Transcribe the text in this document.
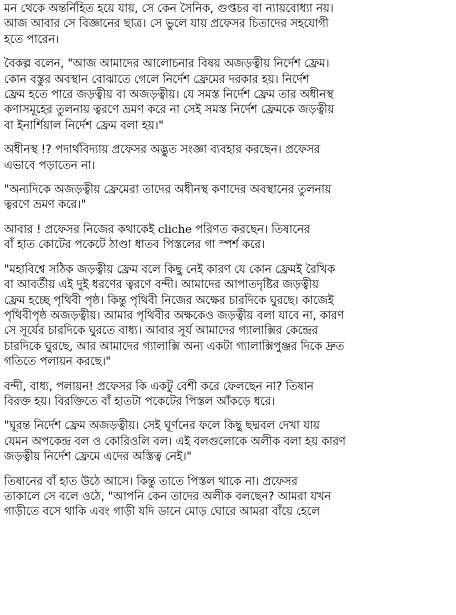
মন থেকে অন্তর্নিহিত হয়ে যায়, সে কেন সৈনিক, গুপ্তচর বা ন্যায়বোধ্যা নয়।
আজ আবার সে বিজ্ঞানের ছাত্র। সে ভুলে যায় প্রফেসর চিতাদের সহযোগী
হতে পারেন।

বৈকল্প বলেন, "আজ আমাদের আলোচনার বিষয় অজড়ত্বীয় নির্দেশ ফ্রেম।
কোন বস্তুর অবস্থান বোঝাতে গেলে নির্দেশ ফ্রেমের দরকার হয়। নির্দেশ
ফ্রেম হতে পারে জড়ত্বীয় বা অজড়ত্বীয়। যে সমস্ত নির্দেশ ফ্রেম তার অধীনস্থ
কণাসমূহের তুলনায় ত্বরণে ভ্রমণ করে না সেই সমস্ত নির্দেশ ফ্রেমকে জড়ত্বীয়
বা ইনার্শিয়াল নির্দেশ ফ্রেম বলা হয়।"

অধীনস্থ !? পদার্থবিদ্যায় প্রফেসর অদ্ভুত সংজ্ঞা ব্যবহার করছেন। প্রফেসর
এভাবে পড়াতেন না।

"অন্যদিকে অজড়ত্বীয় ফ্রেমেরা তাদের অধীনস্থ কণাদের অবস্থানের তুলনায়
ত্বরণে ভ্রমণ করে।"

আবার ! প্রফেসর নিজের কথাকেই cliche পরিণত করছেন। তিষানের
বাঁ হাত কোটের পকেটে ঠাণ্ডা ধাতব পিস্তলের গা স্পর্শ করে।

"মহাবিশ্বে সঠিক জড়ত্বীয় ফ্রেম বলে কিছু নেই কারণ যে কোন ফ্রেমই রৈখিক
বা আবর্তীয় এই দুই ধরণের ত্বরণে বন্দী। আমাদের আপাতদৃষ্টির জড়ত্বীয়
ফ্রেম হচ্ছে পৃথিবী পৃষ্ঠ। কিন্তু পৃথিবী নিজের অক্ষের চারদিকে ঘুরছে। কাজেই
পৃথিবীপৃষ্ঠ অজড়ত্বীয়। আমার পৃথিবীর অক্ষকেও জড়ত্বীয় বলা যাবে না, কারণ
সে সূর্যের চারদিকে ঘুরতে বাধ্য। আবার সূর্য আমাদের গ্যালাক্সির কেন্দ্রের
চারদিকে ঘুরছে, আর আমাদের গ্যালাক্সি অন্য একটা গ্যালাক্সিপুঞ্জর দিকে দ্রুত
গতিতে পলায়ন করছে।"

বন্দী, বাধ্য, পলায়ন! প্রফেসর কি একটু বেশী করে ফেলছেন না? তিষান
বিরক্ত হয়। বিরক্তিতে বাঁ হাতটা পকেটের পিস্তল আঁকড়ে ধরে।

"ঘূরন্ত নির্দেশ ফ্রেম অজড়ত্বীয়। সেই ঘূর্ণনের ফলে কিছু ছদ্মবল দেখা যায়
যেমন অপকেন্দ্র বল ও কোরিওলি বল। এই বলগুলোকে অলীক বলা হয় কারণ
জড়ত্বীয় নির্দেশ ফ্রেমে এদের অস্তিত্ব নেই।"

তিষানের বাঁ হাত উঠে আসে। কিন্তু তাতে পিস্তল থাকে না। প্রফেসর
তাকালে সে বলে ওঠে, "আপনি কেন তাদের অলীক বলছেন? আমরা যখন
গাড়ীতে বসে থাকি এবং গাড়ী যদি ডানে মোড় ঘোরে আমরা বাঁয়ে হেলে
